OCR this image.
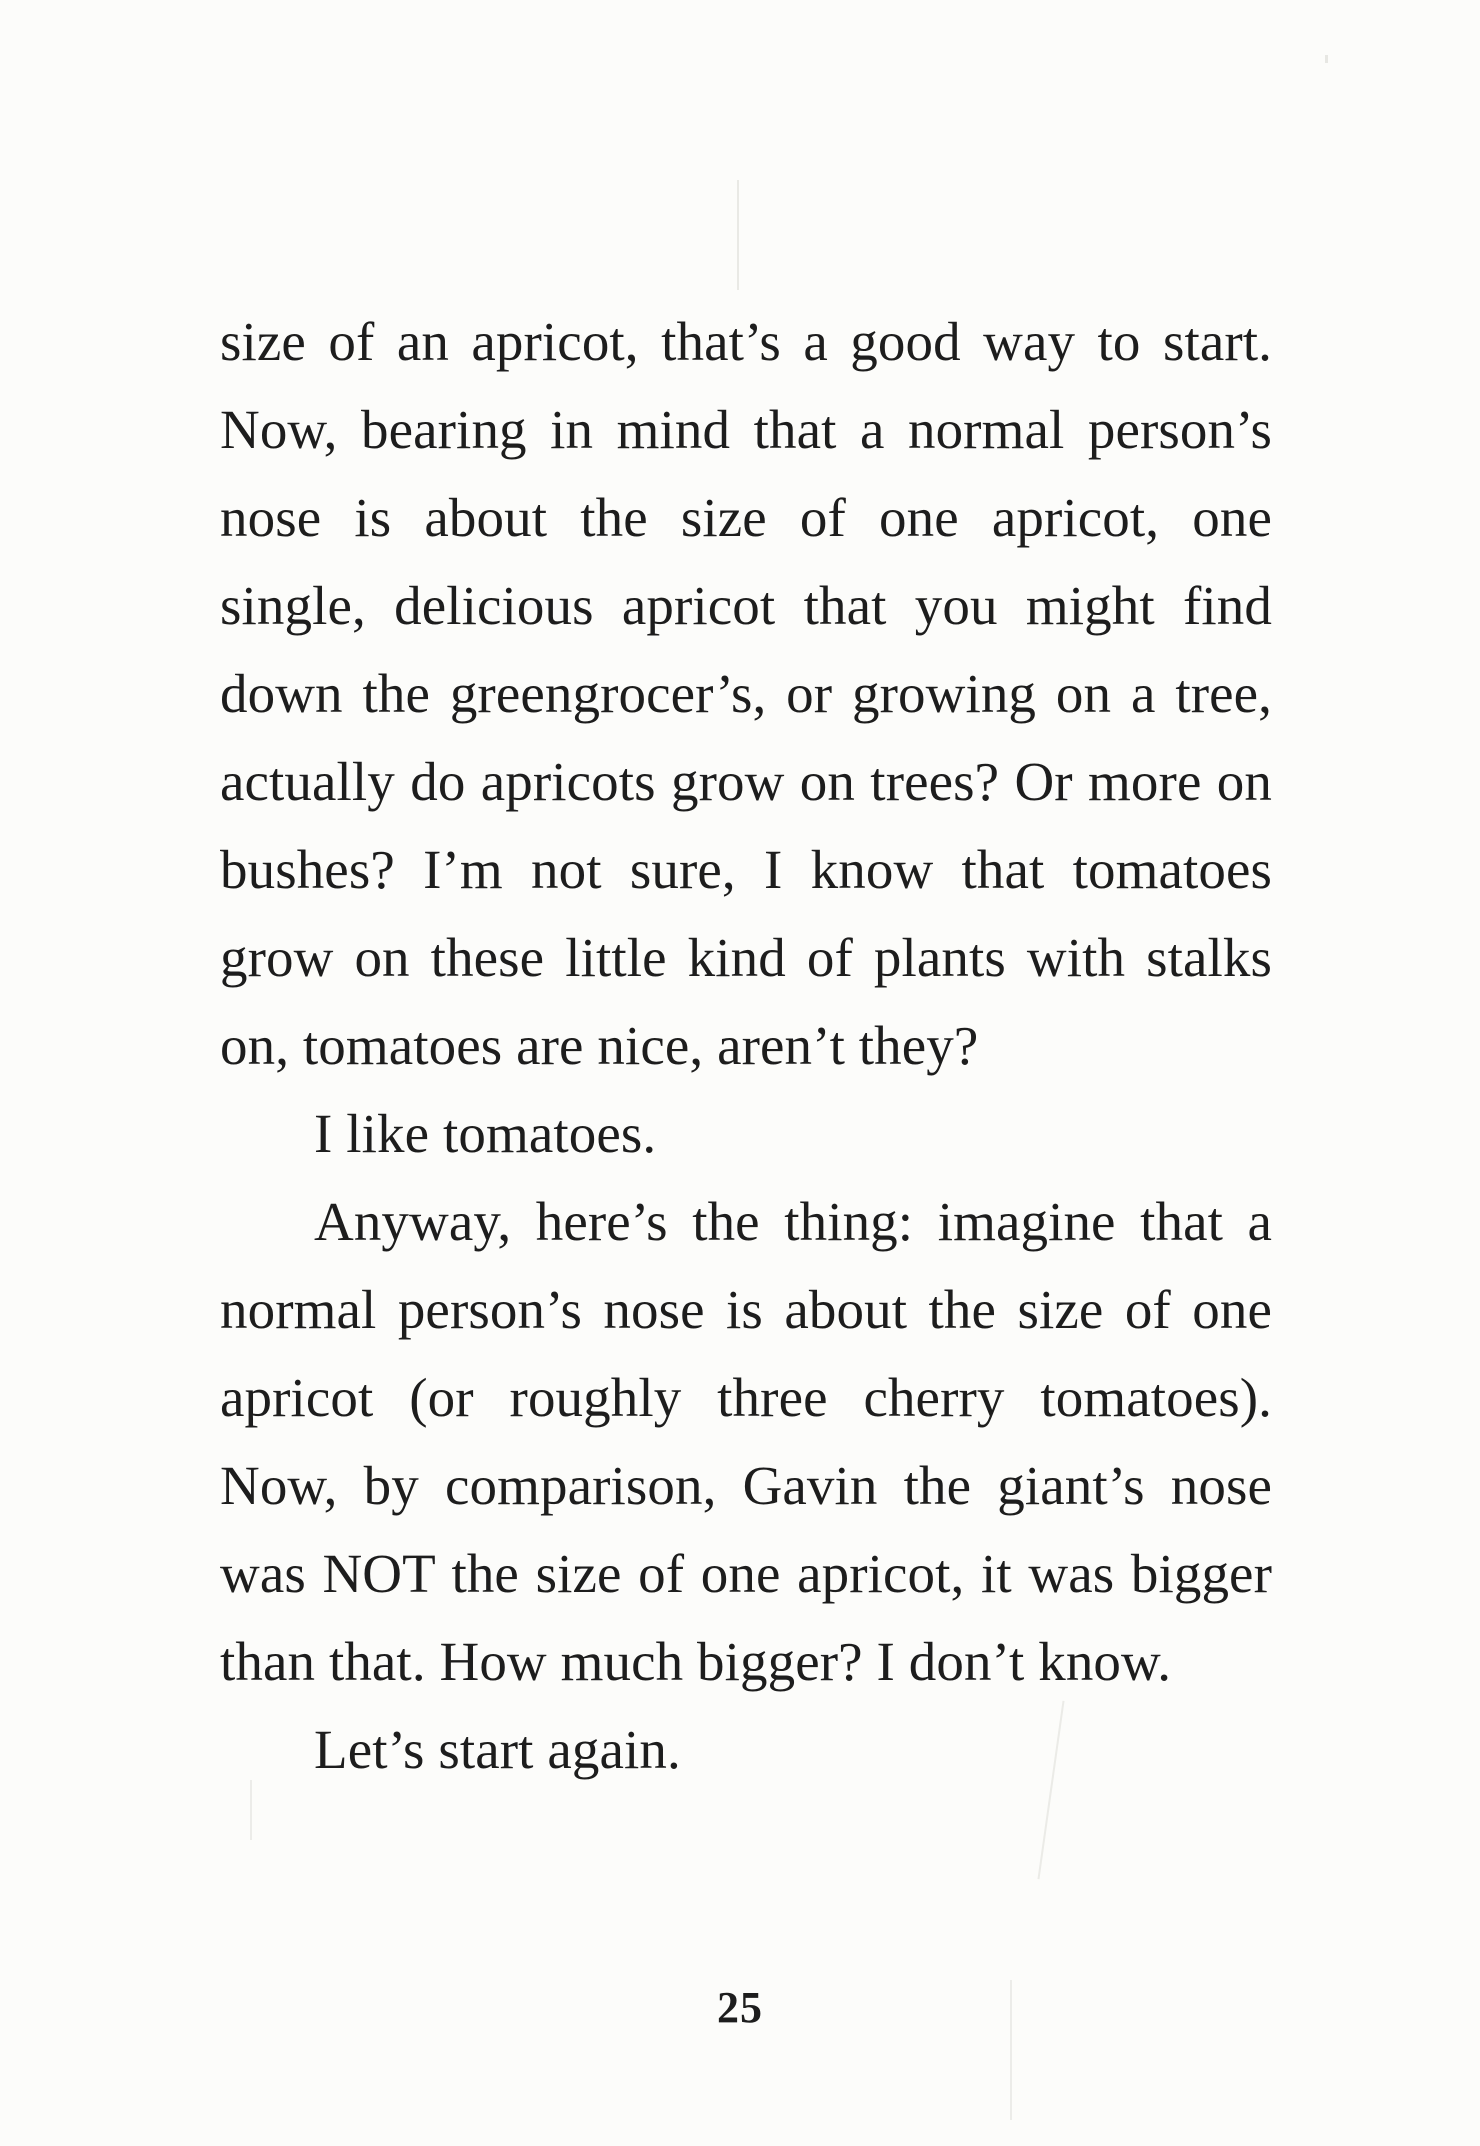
size of an apricot, that’s a good way to start. Now, bearing in mind that a normal person’s nose is about the size of one apricot, one single, delicious apricot that you might find down the greengrocer’s, or growing on a tree, actually do apricots grow on trees? Or more on bushes? I’m not sure, I know that tomatoes grow on these little kind of plants with stalks on, tomatoes are nice, aren’t they?

I like tomatoes.

Anyway, here’s the thing: imagine that a normal person’s nose is about the size of one apricot (or roughly three cherry tomatoes). Now, by comparison, Gavin the giant’s nose was NOT the size of one apricot, it was bigger than that. How much bigger? I don’t know.

Let’s start again.

25
